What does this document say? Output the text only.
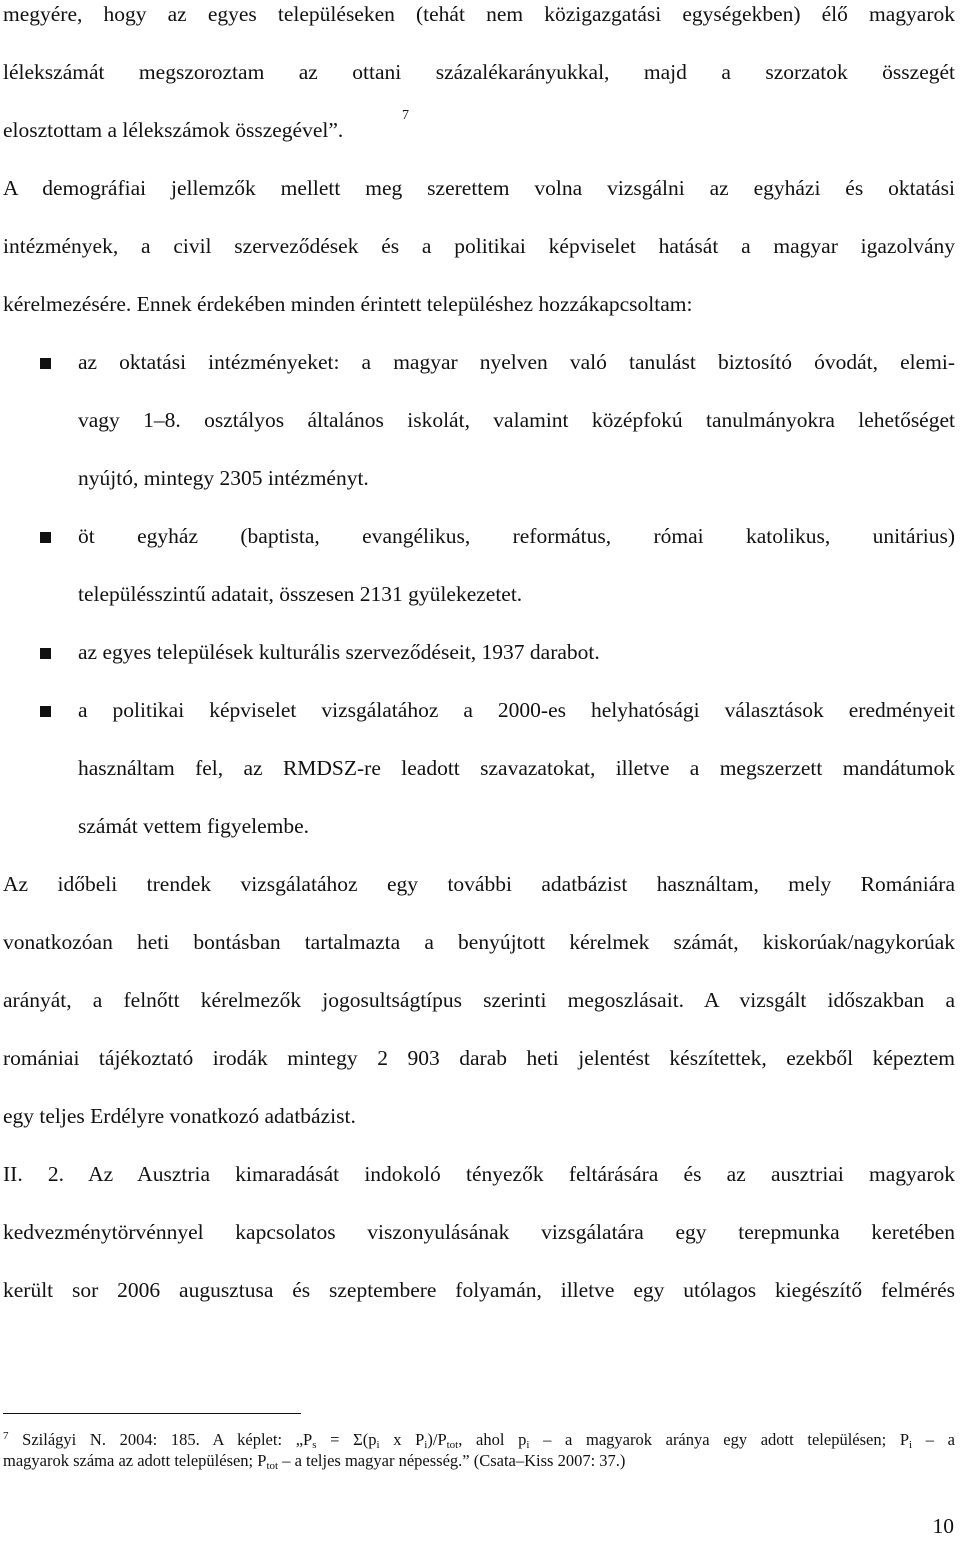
megyére, hogy az egyes településeken (tehát nem közigazgatási egységekben) élő magyarok
lélekszámát megszoroztam az ottani százalékarányukkal, majd a szorzatok összegét
elosztottam a lélekszámok összegével”.
7
A demográfiai jellemzők mellett meg szerettem volna vizsgálni az egyházi és oktatási
intézmények, a civil szerveződések és a politikai képviselet hatását a magyar igazolvány
kérelmezésére. Ennek érdekében minden érintett településhez hozzákapcsoltam:
az oktatási intézményeket: a magyar nyelven való tanulást biztosító óvodát, elemi-
vagy 1–8. osztályos általános iskolát, valamint középfokú tanulmányokra lehetőséget
nyújtó, mintegy 2305 intézményt.
öt egyház (baptista, evangélikus, református, római katolikus, unitárius)
településszintű adatait, összesen 2131 gyülekezetet.
az egyes települések kulturális szerveződéseit, 1937 darabot.
a politikai képviselet vizsgálatához a 2000-es helyhatósági választások eredményeit
használtam fel, az RMDSZ-re leadott szavazatokat, illetve a megszerzett mandátumok
számát vettem figyelembe.
Az időbeli trendek vizsgálatához egy további adatbázist használtam, mely Romániára
vonatkozóan heti bontásban tartalmazta a benyújtott kérelmek számát, kiskorúak/nagykorúak
arányát, a felnőtt kérelmezők jogosultságtípus szerinti megoszlásait. A vizsgált időszakban a
romániai tájékoztató irodák mintegy 2 903 darab heti jelentést készítettek, ezekből képeztem
egy teljes Erdélyre vonatkozó adatbázist.
II. 2. Az Ausztria kimaradását indokoló tényezők feltárására és az ausztriai magyarok
kedvezménytörvénnyel kapcsolatos viszonyulásának vizsgálatára egy terepmunka keretében
került sor 2006 augusztusa és szeptembere folyamán, illetve egy utólagos kiegészítő felmérés
$^7$ Szilágyi N. 2004: 185. A képlet: $„P_s = \Sigma(p_i$ x $P_i)/P_{tot}$, ahol $p_i$ – a magyarok aránya egy adott településen; $P_i$ – a
magyarok száma az adott településen; $P_{tot}$ – a teljes magyar népesség.” (Csata–Kiss 2007: 37.)
10
